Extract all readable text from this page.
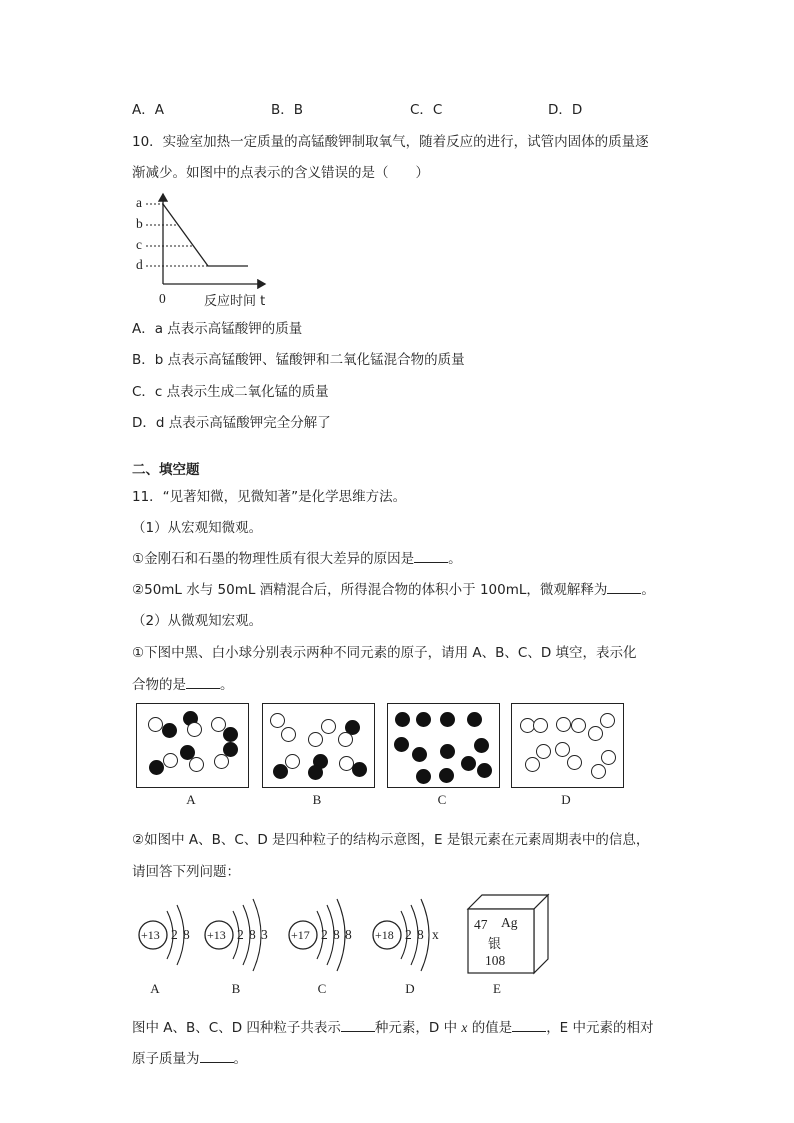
A．A	B．B	C．C	D．D
10．实验室加热一定质量的高锰酸钾制取氧气，随着反应的进行，试管内固体的质量逐
渐减少。如图中的点表示的含义错误的是（　　）
a
b
c
d
0	反应时间 t
A．a 点表示高锰酸钾的质量
B．b 点表示高锰酸钾、锰酸钾和二氧化锰混合物的质量
C．c 点表示生成二氧化锰的质量
D．d 点表示高锰酸钾完全分解了
二、填空题
11．“见著知微，见微知著”是化学思维方法。
（1）从宏观知微观。
①金刚石和石墨的物理性质有很大差异的原因是	。
②50mL 水与 50mL 酒精混合后，所得混合物的体积小于 100mL，微观解释为	。
（2）从微观知宏观。
①下图中黑、白小球分别表示两种不同元素的原子，请用 A、B、C、D 填空，表示化
合物的是	。
A	B	C	D
②如图中 A、B、C、D 是四种粒子的结构示意图，E 是银元素在元素周期表中的信息，
请回答下列问题：
+13 2 8
A
+13 2 8 3
B
+17 2 8 8
C
+18 2 8 x
D
47 Ag
银
108
E
图中 A、B、C、D 四种粒子共表示	种元素，D 中 x 的值是	，E 中元素的相对
原子质量为	。
